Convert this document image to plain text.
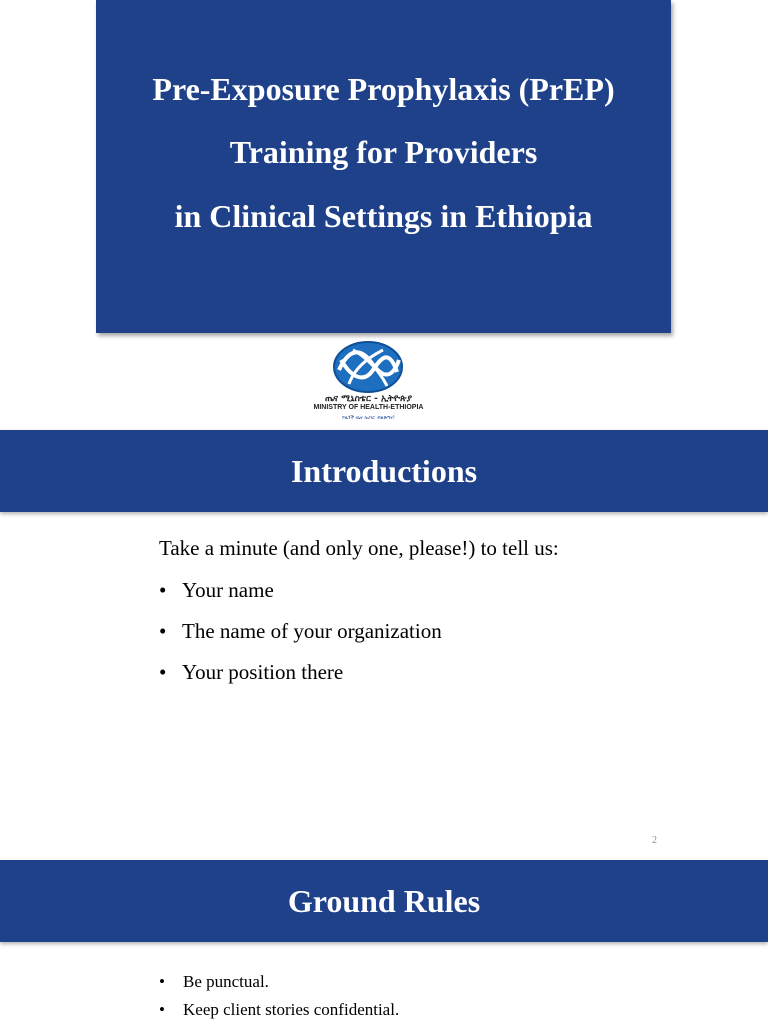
Pre-Exposure Prophylaxis (PrEP)
Training for Providers
in Clinical Settings in Ethiopia
ጤና ሚኒስቴር - ኢትዮጵያ
MINISTRY OF HEALTH-ETHIOPIA
የዜጎች ጤና ለሀገር ብልጽግና!
Introductions
Take a minute (and only one, please!) to tell us:
• Your name
• The name of your organization
• Your position there
2
Ground Rules
• Be punctual.
• Keep client stories confidential.
